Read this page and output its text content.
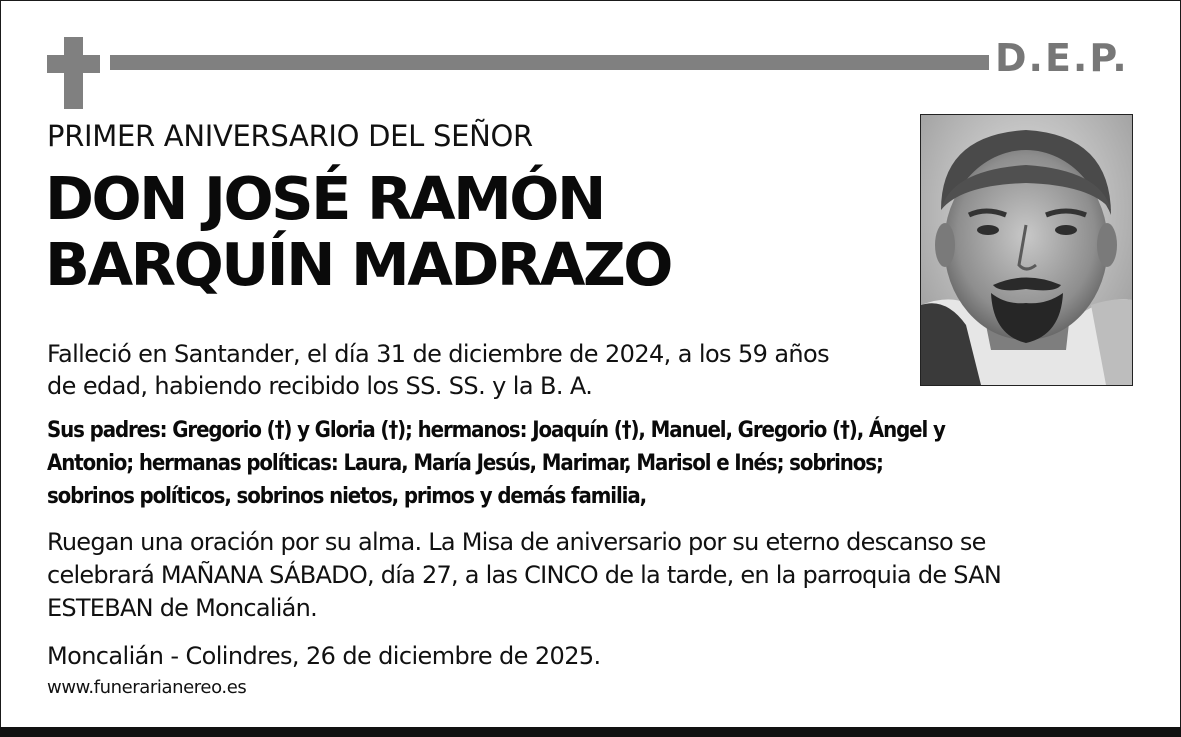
D.E.P.
PRIMER ANIVERSARIO DEL SEÑOR
DON JOSÉ RAMÓN
BARQUÍN MADRAZO
Falleció en Santander, el día 31 de diciembre de 2024, a los 59 años
de edad, habiendo recibido los SS. SS. y la B. A.
Sus padres: Gregorio (†) y Gloria (†); hermanos: Joaquín (†), Manuel, Gregorio (†), Ángel y
Antonio; hermanas políticas: Laura, María Jesús, Marimar, Marisol e Inés; sobrinos;
sobrinos políticos, sobrinos nietos, primos y demás familia,
Ruegan una oración por su alma. La Misa de aniversario por su eterno descanso se
celebrará MAÑANA SÁBADO, día 27, a las CINCO de la tarde, en la parroquia de SAN
ESTEBAN de Moncalián.
Moncalián - Colindres, 26 de diciembre de 2025.
www.funerarianereo.es
